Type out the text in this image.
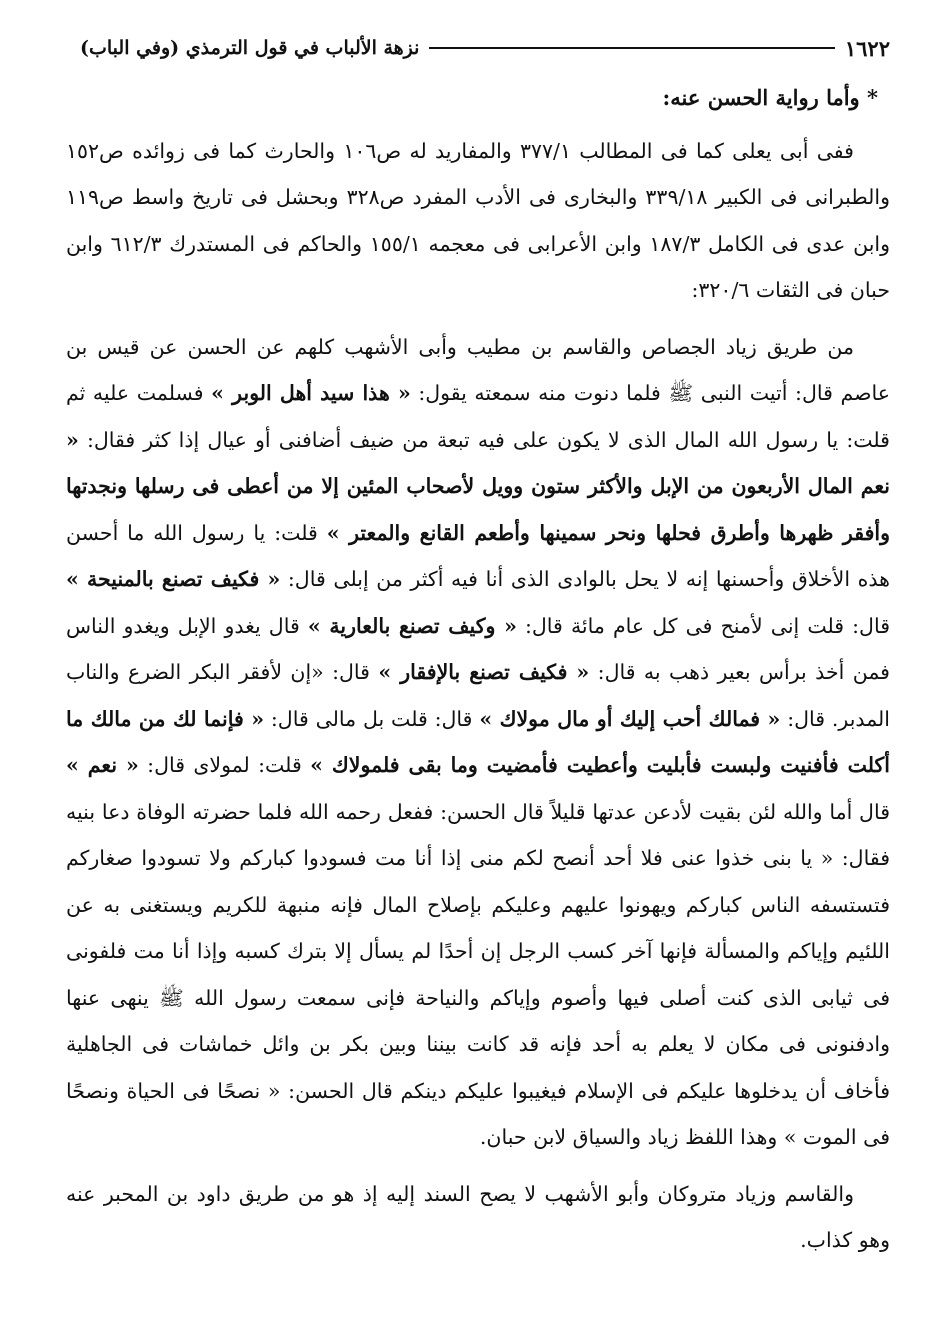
نزهة الألباب في قول الترمذي (وفي الباب)	١٦٢٢
* وأما رواية الحسن عنه:

ففى أبى يعلى كما فى المطالب ٣٧٧/١ والمفاريد له ص١٠٦ والحارث كما فى زوائده ص١٥٢ والطبرانى فى الكبير ٣٣٩/١٨ والبخارى فى الأدب المفرد ص٣٢٨ وبحشل فى تاريخ واسط ص١١٩ وابن عدى فى الكامل ١٨٧/٣ وابن الأعرابى فى معجمه ١٥٥/١ والحاكم فى المستدرك ٦١٢/٣ وابن حبان فى الثقات ٣٢٠/٦:

من طريق زياد الجصاص والقاسم بن مطيب وأبى الأشهب كلهم عن الحسن عن قيس بن عاصم قال: أتيت النبى ﷺ فلما دنوت منه سمعته يقول: « هذا سيد أهل الوبر » فسلمت عليه ثم قلت: يا رسول الله المال الذى لا يكون على فيه تبعة من ضيف أضافنى أو عيال إذا كثر فقال: « نعم المال الأربعون من الإبل والأكثر ستون وويل لأصحاب المئين إلا من أعطى فى رسلها ونجدتها وأفقر ظهرها وأطرق فحلها ونحر سمينها وأطعم القانع والمعتر » قلت: يا رسول الله ما أحسن هذه الأخلاق وأحسنها إنه لا يحل بالوادى الذى أنا فيه أكثر من إبلى قال: « فكيف تصنع بالمنيحة » قال: قلت إنى لأمنح فى كل عام مائة قال: « وكيف تصنع بالعارية » قال يغدو الإبل ويغدو الناس فمن أخذ برأس بعير ذهب به قال: « فكيف تصنع بالإفقار » قال: «إن لأفقر البكر الضرع والناب المدبر. قال: « فمالك أحب إليك أو مال مولاك » قال: قلت بل مالى قال: « فإنما لك من مالك ما أكلت فأفنيت ولبست فأبليت وأعطيت فأمضيت وما بقى فلمولاك » قلت: لمولاى قال: « نعم » قال أما والله لئن بقيت لأدعن عدتها قليلاً قال الحسن: ففعل رحمه الله فلما حضرته الوفاة دعا بنيه فقال: « يا بنى خذوا عنى فلا أحد أنصح لكم منى إذا أنا مت فسودوا كباركم ولا تسودوا صغاركم فتستسفه الناس كباركم ويهونوا عليهم وعليكم بإصلاح المال فإنه منبهة للكريم ويستغنى به عن اللئيم وإياكم والمسألة فإنها آخر كسب الرجل إن أحدًا لم يسأل إلا بترك كسبه وإذا أنا مت فلفونى فى ثيابى الذى كنت أصلى فيها وأصوم وإياكم والنياحة فإنى سمعت رسول الله ﷺ ينهى عنها وادفنونى فى مكان لا يعلم به أحد فإنه قد كانت بيننا وبين بكر بن وائل خماشات فى الجاهلية فأخاف أن يدخلوها عليكم فى الإسلام فيغيبوا عليكم دينكم قال الحسن: « نصحًا فى الحياة ونصحًا فى الموت » وهذا اللفظ زياد والسياق لابن حبان.

والقاسم وزياد متروكان وأبو الأشهب لا يصح السند إليه إذ هو من طريق داود بن المحبر عنه وهو كذاب.
